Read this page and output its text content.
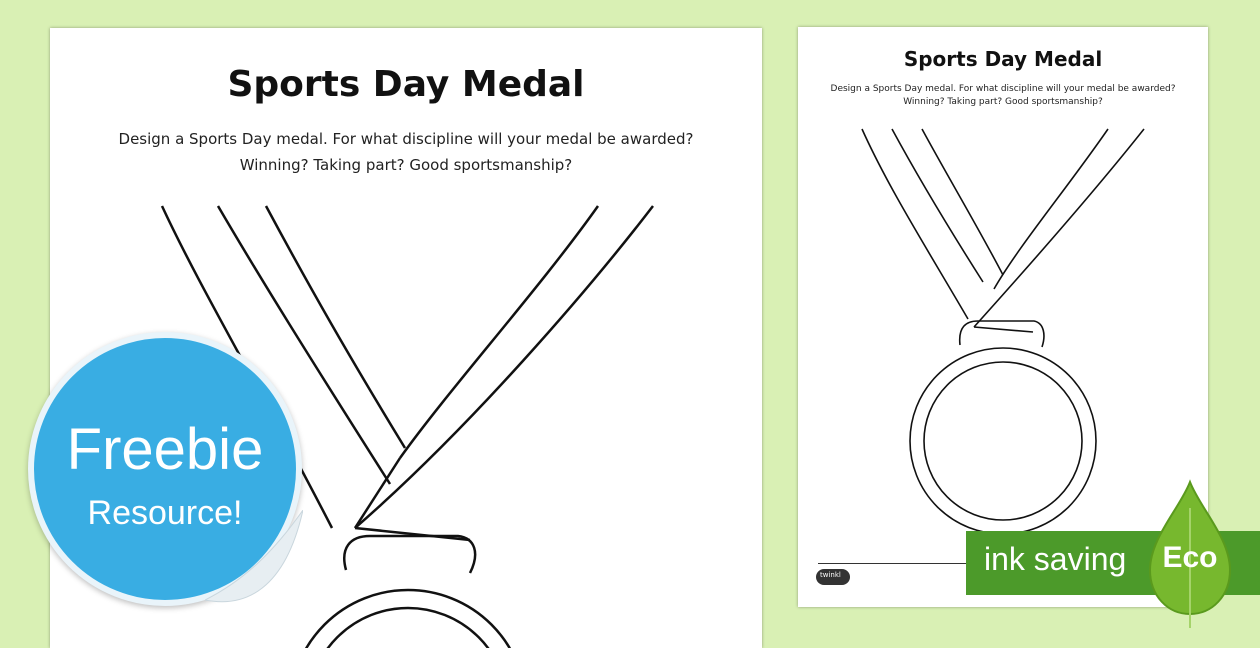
Sports Day Medal
Design a Sports Day medal. For what discipline will your medal be awarded? Winning? Taking part? Good sportsmanship?
Sports Day Medal
Design a Sports Day medal. For what discipline will your medal be awarded? Winning? Taking part? Good sportsmanship?
twinkl
Freebie
Resource!
ink saving Eco
